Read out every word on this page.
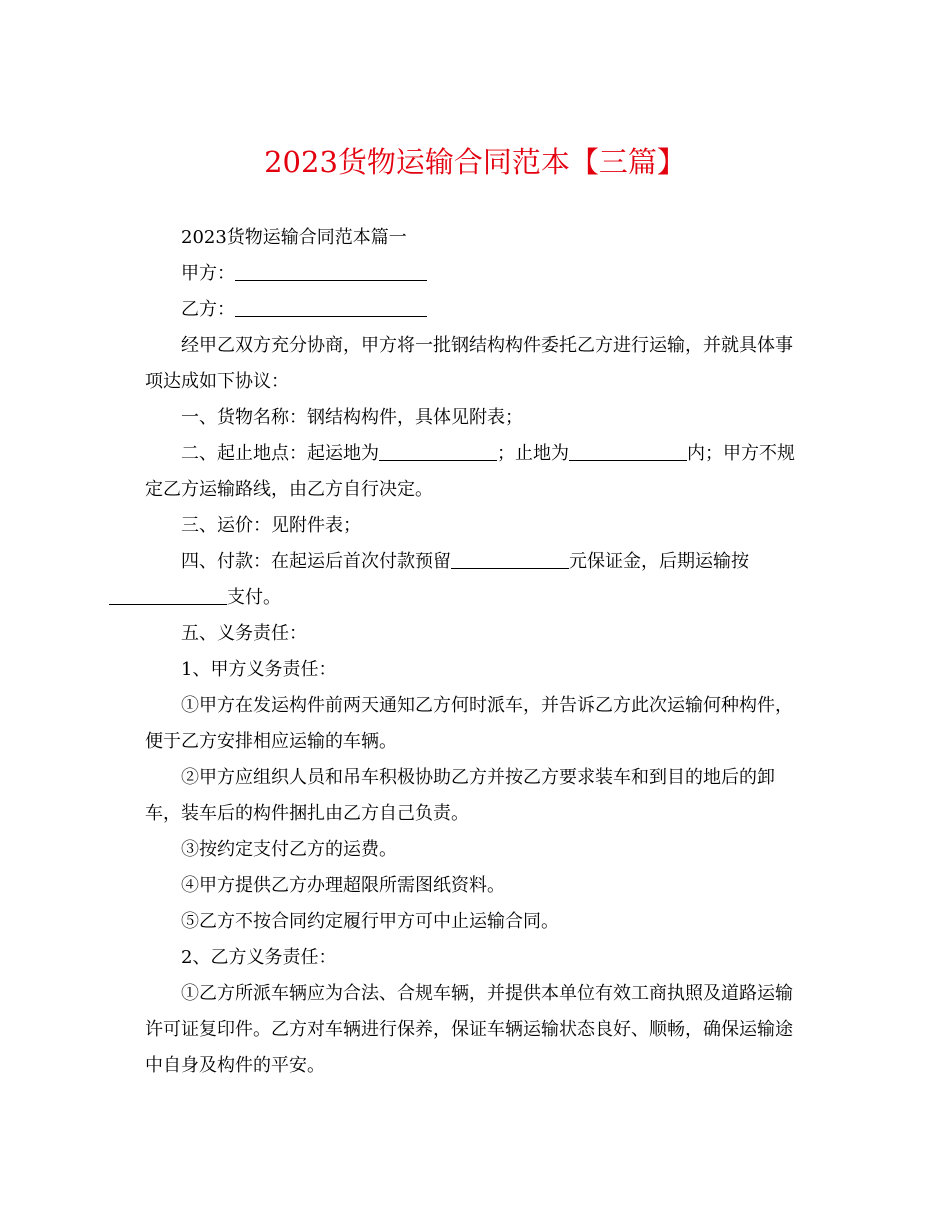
2023货物运输合同范本【三篇】

2023货物运输合同范本篇一

甲方：

乙方：

经甲乙双方充分协商，甲方将一批钢结构构件委托乙方进行运输，并就具体事项达成如下协议：

一、货物名称：钢结构构件，具体见附表；

二、起止地点：起运地为	；止地为	内；甲方不规定乙方运输路线，由乙方自行决定。

三、运价：见附件表；

四、付款：在起运后首次付款预留	元保证金，后期运输按支付。

五、义务责任：

1、甲方义务责任：

①甲方在发运构件前两天通知乙方何时派车，并告诉乙方此次运输何种构件，便于乙方安排相应运输的车辆。

②甲方应组织人员和吊车积极协助乙方并按乙方要求装车和到目的地后的卸车，装车后的构件捆扎由乙方自己负责。

③按约定支付乙方的运费。

④甲方提供乙方办理超限所需图纸资料。

⑤乙方不按合同约定履行甲方可中止运输合同。

2、乙方义务责任：

①乙方所派车辆应为合法、合规车辆，并提供本单位有效工商执照及道路运输许可证复印件。乙方对车辆进行保养，保证车辆运输状态良好、顺畅，确保运输途中自身及构件的平安。
